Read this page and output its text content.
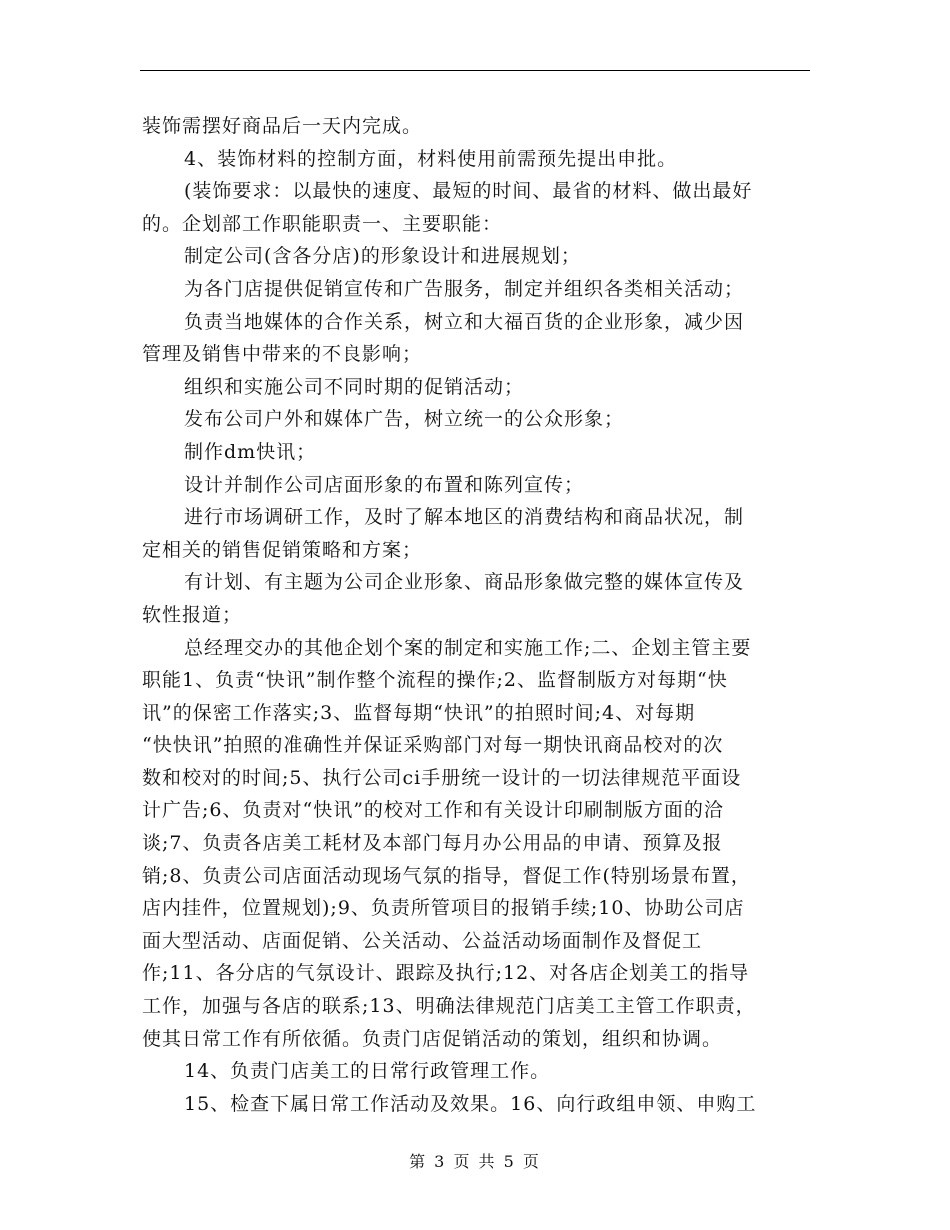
装饰需摆好商品后一天内完成。
4、装饰材料的控制方面，材料使用前需预先提出申批。
(装饰要求：以最快的速度、最短的时间、最省的材料、做出最好
的。企划部工作职能职责一、主要职能：
制定公司(含各分店)的形象设计和进展规划；
为各门店提供促销宣传和广告服务，制定并组织各类相关活动；
负责当地媒体的合作关系，树立和大福百货的企业形象，减少因
管理及销售中带来的不良影响；
组织和实施公司不同时期的促销活动；
发布公司户外和媒体广告，树立统一的公众形象；
制作dm快讯；
设计并制作公司店面形象的布置和陈列宣传；
进行市场调研工作，及时了解本地区的消费结构和商品状况，制
定相关的销售促销策略和方案；
有计划、有主题为公司企业形象、商品形象做完整的媒体宣传及
软性报道；
总经理交办的其他企划个案的制定和实施工作;二、企划主管主要
职能1、负责“快讯”制作整个流程的操作;2、监督制版方对每期“快
讯”的保密工作落实;3、监督每期“快讯”的拍照时间;4、对每期
“快快讯”拍照的准确性并保证采购部门对每一期快讯商品校对的次
数和校对的时间;5、执行公司ci手册统一设计的一切法律规范平面设
计广告;6、负责对“快讯”的校对工作和有关设计印刷制版方面的洽
谈;7、负责各店美工耗材及本部门每月办公用品的申请、预算及报
销;8、负责公司店面活动现场气氛的指导，督促工作(特别场景布置，
店内挂件，位置规划);9、负责所管项目的报销手续;10、协助公司店
面大型活动、店面促销、公关活动、公益活动场面制作及督促工
作;11、各分店的气氛设计、跟踪及执行;12、对各店企划美工的指导
工作，加强与各店的联系;13、明确法律规范门店美工主管工作职责，
使其日常工作有所依循。负责门店促销活动的策划，组织和协调。
14、负责门店美工的日常行政管理工作。
15、检查下属日常工作活动及效果。16、向行政组申领、申购工
第 3 页 共 5 页
